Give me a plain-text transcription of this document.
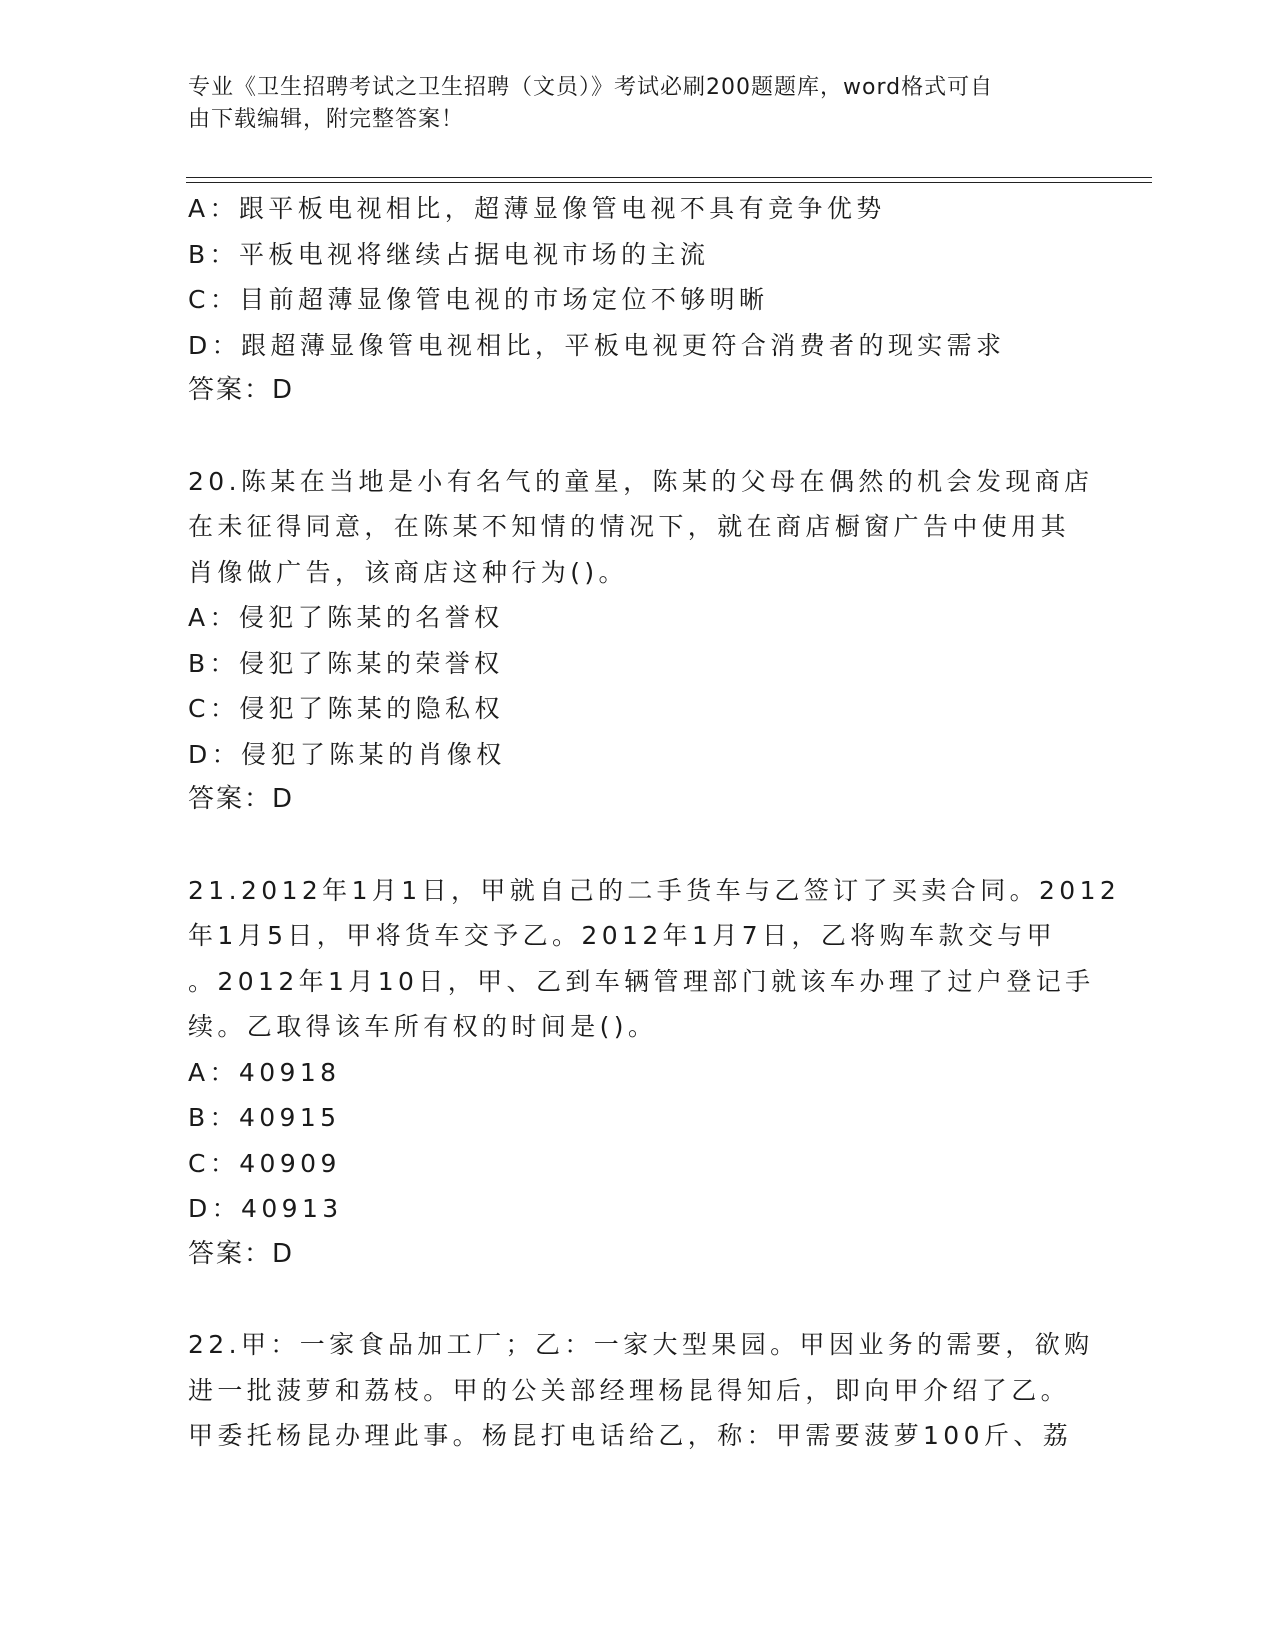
专业《卫生招聘考试之卫生招聘（文员）》考试必刷200题题库，word格式可自
由下载编辑，附完整答案！
A：跟平板电视相比，超薄显像管电视不具有竞争优势
B：平板电视将继续占据电视市场的主流
C：目前超薄显像管电视的市场定位不够明晰
D：跟超薄显像管电视相比，平板电视更符合消费者的现实需求
答案：D
20.陈某在当地是小有名气的童星，陈某的父母在偶然的机会发现商店
在未征得同意，在陈某不知情的情况下，就在商店橱窗广告中使用其
肖像做广告，该商店这种行为()。
A：侵犯了陈某的名誉权
B：侵犯了陈某的荣誉权
C：侵犯了陈某的隐私权
D：侵犯了陈某的肖像权
答案：D
21.2012年1月1日，甲就自己的二手货车与乙签订了买卖合同。2012
年1月5日，甲将货车交予乙。2012年1月7日，乙将购车款交与甲
。2012年1月10日，甲、乙到车辆管理部门就该车办理了过户登记手
续。乙取得该车所有权的时间是()。
A：40918
B：40915
C：40909
D：40913
答案：D
22.甲：一家食品加工厂；乙：一家大型果园。甲因业务的需要，欲购
进一批菠萝和荔枝。甲的公关部经理杨昆得知后，即向甲介绍了乙。
甲委托杨昆办理此事。杨昆打电话给乙，称：甲需要菠萝100斤、荔
